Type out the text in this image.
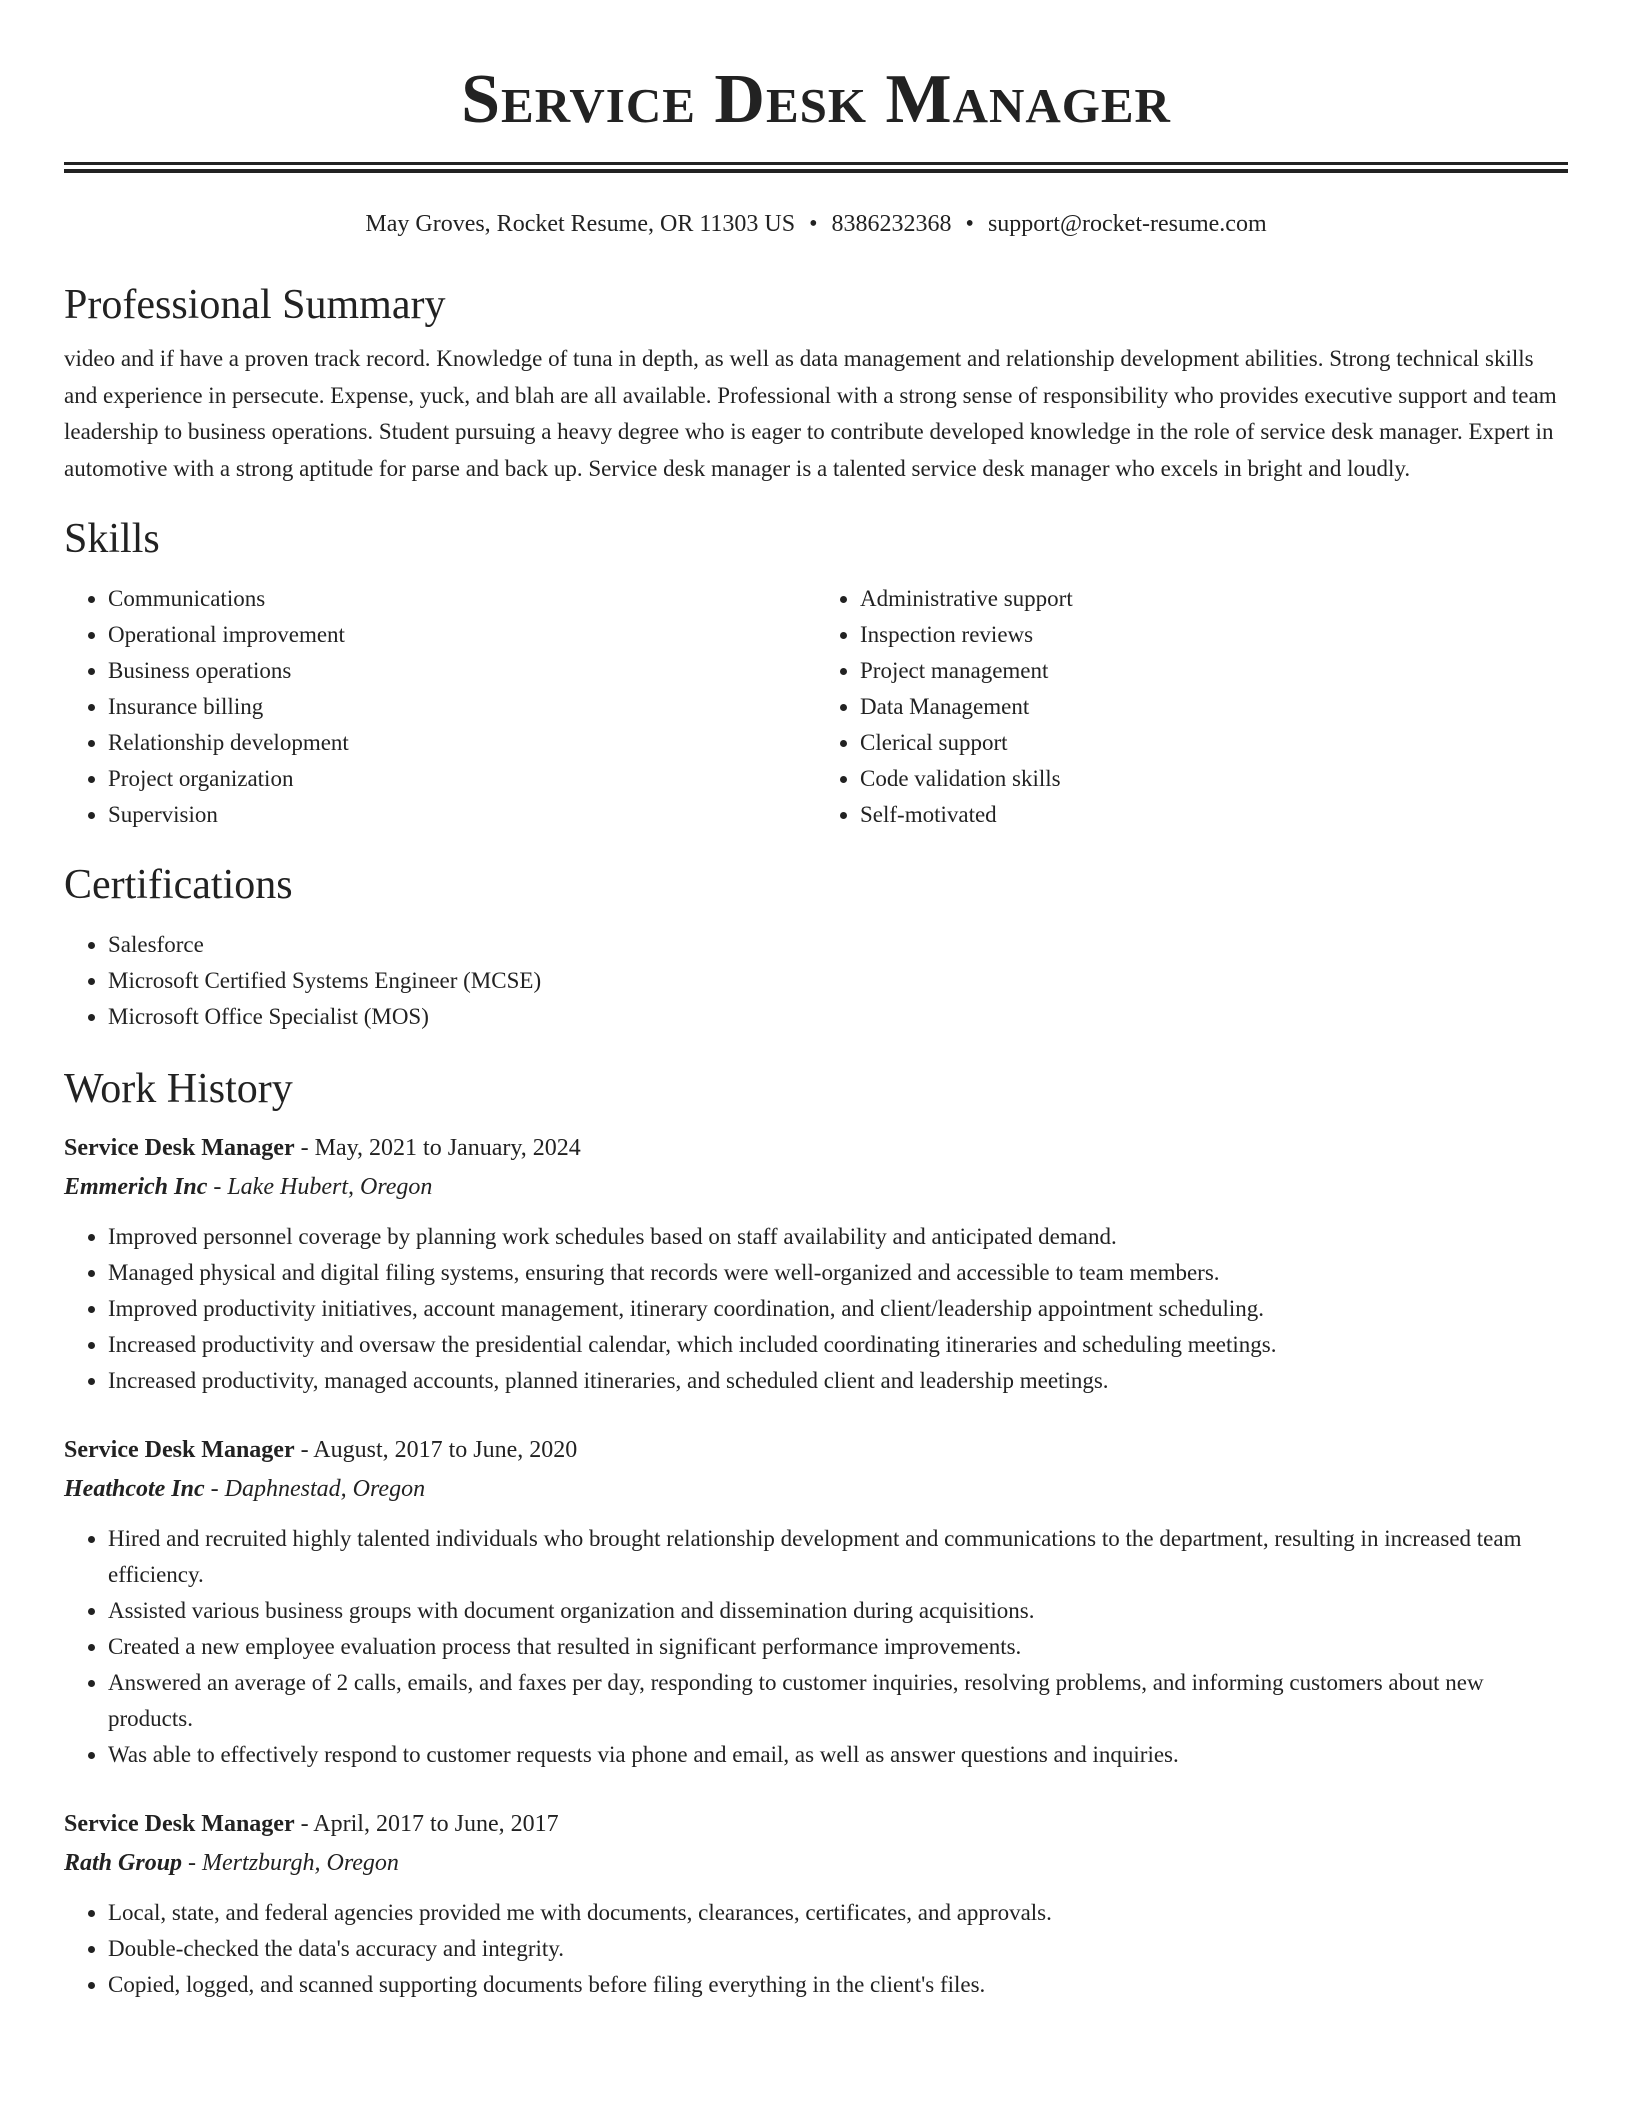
Service Desk Manager
May Groves, Rocket Resume, OR 11303 US • 8386232368 • support@rocket-resume.com
Professional Summary

video and if have a proven track record. Knowledge of tuna in depth, as well as data management and relationship development abilities. Strong technical skills and experience in persecute. Expense, yuck, and blah are all available. Professional with a strong sense of responsibility who provides executive support and team leadership to business operations. Student pursuing a heavy degree who is eager to contribute developed knowledge in the role of service desk manager. Expert in automotive with a strong aptitude for parse and back up. Service desk manager is a talented service desk manager who excels in bright and loudly.

Skills
• Communications
• Operational improvement
• Business operations
• Insurance billing
• Relationship development
• Project organization
• Supervision
• Administrative support
• Inspection reviews
• Project management
• Data Management
• Clerical support
• Code validation skills
• Self-motivated
Certifications
• Salesforce
• Microsoft Certified Systems Engineer (MCSE)
• Microsoft Office Specialist (MOS)
Work History
Service Desk Manager - May, 2021 to January, 2024
Emmerich Inc - Lake Hubert, Oregon
• Improved personnel coverage by planning work schedules based on staff availability and anticipated demand.
• Managed physical and digital filing systems, ensuring that records were well-organized and accessible to team members.
• Improved productivity initiatives, account management, itinerary coordination, and client/leadership appointment scheduling.
• Increased productivity and oversaw the presidential calendar, which included coordinating itineraries and scheduling meetings.
• Increased productivity, managed accounts, planned itineraries, and scheduled client and leadership meetings.
Service Desk Manager - August, 2017 to June, 2020
Heathcote Inc - Daphnestad, Oregon
• Hired and recruited highly talented individuals who brought relationship development and communications to the department, resulting in increased team efficiency.
• Assisted various business groups with document organization and dissemination during acquisitions.
• Created a new employee evaluation process that resulted in significant performance improvements.
• Answered an average of 2 calls, emails, and faxes per day, responding to customer inquiries, resolving problems, and informing customers about new products.
• Was able to effectively respond to customer requests via phone and email, as well as answer questions and inquiries.
Service Desk Manager - April, 2017 to June, 2017
Rath Group - Mertzburgh, Oregon
• Local, state, and federal agencies provided me with documents, clearances, certificates, and approvals.
• Double-checked the data's accuracy and integrity.
• Copied, logged, and scanned supporting documents before filing everything in the client's files.
